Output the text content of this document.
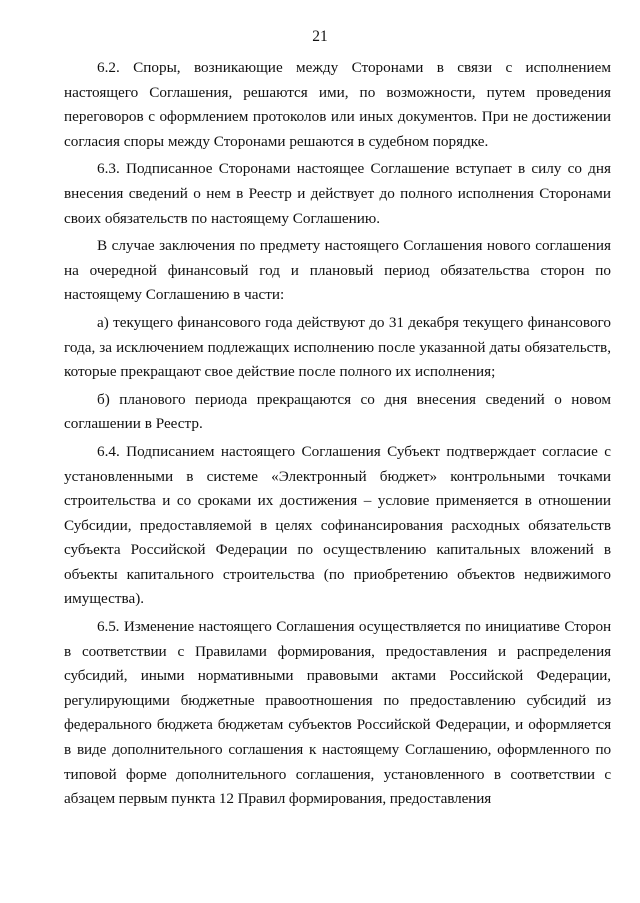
21

6.2. Споры, возникающие между Сторонами в связи с исполнением настоящего Соглашения, решаются ими, по возможности, путем проведения переговоров с оформлением протоколов или иных документов. При не достижении согласия споры между Сторонами решаются в судебном порядке.

6.3. Подписанное Сторонами настоящее Соглашение вступает в силу со дня внесения сведений о нем в Реестр и действует до полного исполнения Сторонами своих обязательств по настоящему Соглашению.

В случае заключения по предмету настоящего Соглашения нового соглашения на очередной финансовый год и плановый период обязательства сторон по настоящему Соглашению в части:

а) текущего финансового года действуют до 31 декабря текущего финансового года, за исключением подлежащих исполнению после указанной даты обязательств, которые прекращают свое действие после полного их исполнения;

б) планового периода прекращаются со дня внесения сведений о новом соглашении в Реестр.

6.4. Подписанием настоящего Соглашения Субъект подтверждает согласие с установленными в системе «Электронный бюджет» контрольными точками строительства и со сроками их достижения – условие применяется в отношении Субсидии, предоставляемой в целях софинансирования расходных обязательств субъекта Российской Федерации по осуществлению капитальных вложений в объекты капитального строительства (по приобретению объектов недвижимого имущества).

6.5. Изменение настоящего Соглашения осуществляется по инициативе Сторон в соответствии с Правилами формирования, предоставления и распределения субсидий, иными нормативными правовыми актами Российской Федерации, регулирующими бюджетные правоотношения по предоставлению субсидий из федерального бюджета бюджетам субъектов Российской Федерации, и оформляется в виде дополнительного соглашения к настоящему Соглашению, оформленного по типовой форме дополнительного соглашения, установленного в соответствии с абзацем первым пункта 12 Правил формирования, предоставления
